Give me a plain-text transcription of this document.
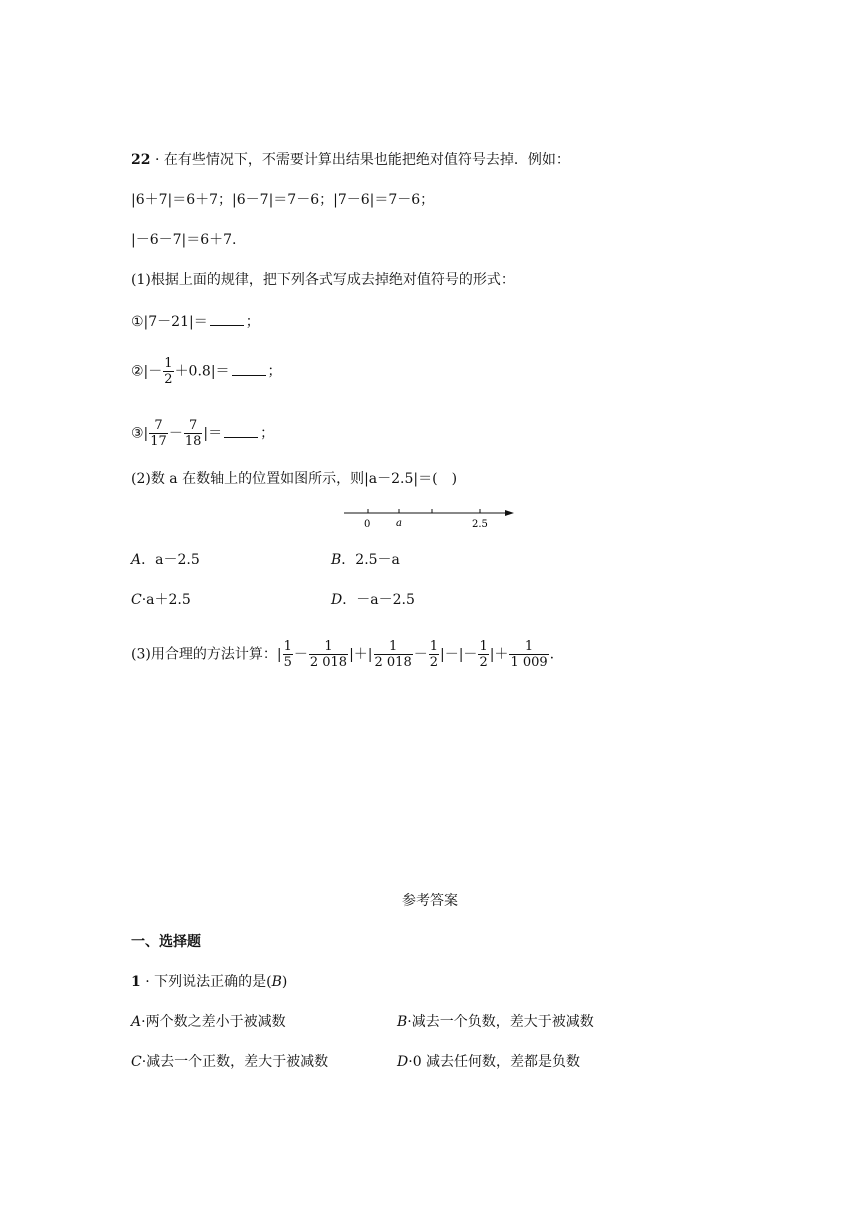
22 · 在有些情况下，不需要计算出结果也能把绝对值符号去掉．例如：
|6＋7|＝6＋7；|6－7|＝7－6；|7－6|＝7－6；
|－6－7|＝6＋7.
(1)根据上面的规律，把下列各式写成去掉绝对值符号的形式：
①|7－21|＝	；
②|－ $\frac{1}{2} +0.8|=$	；
③| $\frac{7}{17} - \frac{7}{18}$ |＝	；
(2)数 a 在数轴上的位置如图所示，则|a－2.5|＝(　)
0	a	2.5
A．a－2.5	B．2.5－a
C·a＋2.5	D．－a－2.5
(3)用合理的方法计算：| $\frac{1}{5} - \frac{1}{2 018}$ |＋| $\frac{1}{2 018} - \frac{1}{2}$ |－|－ $\frac{1}{2}$ |＋ $\frac{1}{1 009}$ .
参考答案
一、选择题
1 · 下列说法正确的是(B)
A·两个数之差小于被减数	B·减去一个负数，差大于被减数
C·减去一个正数，差大于被减数	D·0 减去任何数，差都是负数
